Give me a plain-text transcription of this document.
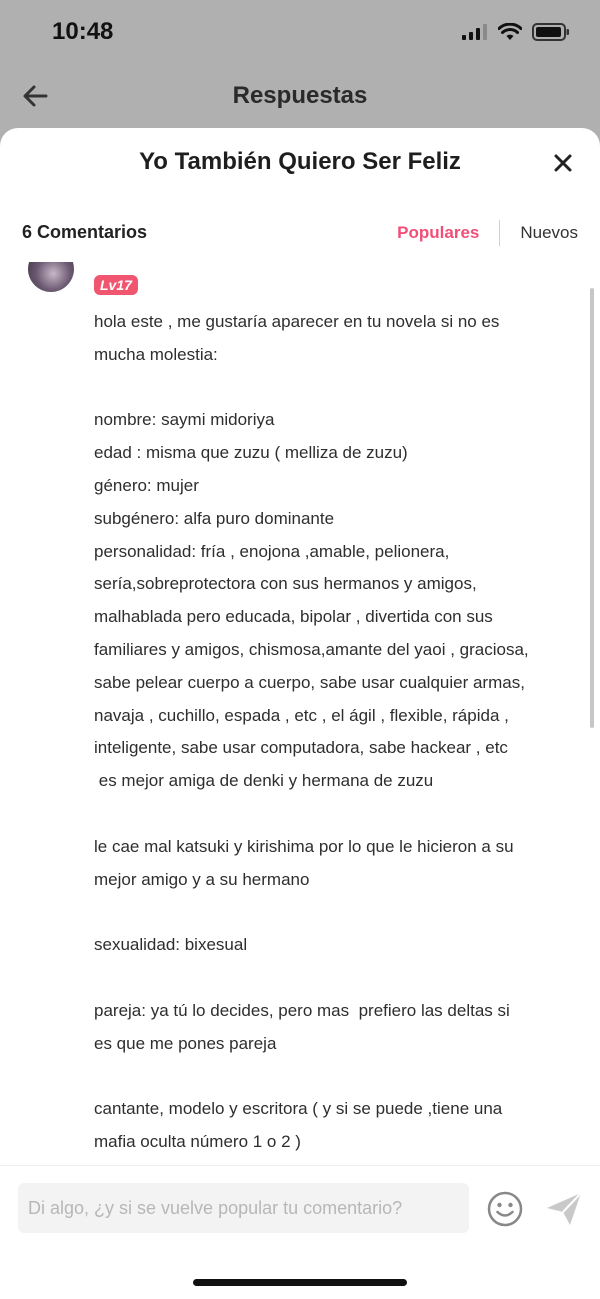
10:48
Respuestas
Yo También Quiero Ser Feliz
6 Comentarios	Populares Nuevos
Lv17

hola este , me gustaría aparecer en tu novela si no es
mucha molestia:

nombre: saymi midoriya
edad : misma que zuzu ( melliza de zuzu)
género: mujer
subgénero: alfa puro dominante
personalidad: fría , enojona ,amable, pelionera,
sería,sobreprotectora con sus hermanos y amigos,
malhablada pero educada, bipolar , divertida con sus
familiares y amigos, chismosa,amante del yaoi , graciosa,
sabe pelear cuerpo a cuerpo, sabe usar cualquier armas,
navaja , cuchillo, espada , etc , el ágil , flexible, rápida ,
inteligente, sabe usar computadora, sabe hackear , etc
es mejor amiga de denki y hermana de zuzu

le cae mal katsuki y kirishima por lo que le hicieron a su
mejor amigo y a su hermano

sexualidad: bixesual

pareja: ya tú lo decides, pero mas  prefiero las deltas si
es que me pones pareja

cantante, modelo y escritora ( y si se puede ,tiene una
mafia oculta número 1 o 2 )

Di algo, ¿y si se vuelve popular tu comentario?
